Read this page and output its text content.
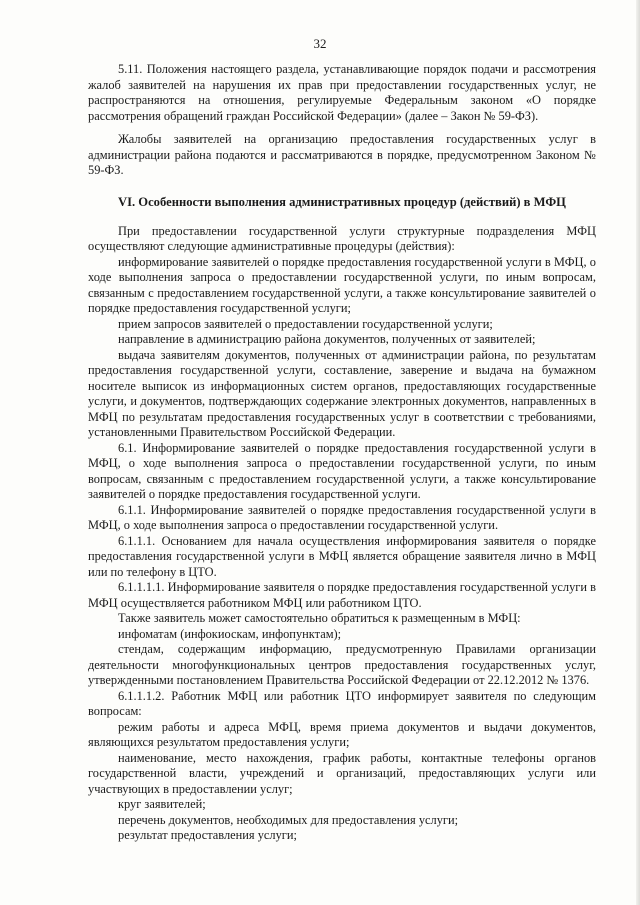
32

5.11. Положения настоящего раздела, устанавливающие порядок подачи и рассмотрения жалоб заявителей на нарушения их прав при предоставлении государственных услуг, не распространяются на отношения, регулируемые Федеральным законом «О порядке рассмотрения обращений граждан Российской Федерации» (далее – Закон № 59-ФЗ).

Жалобы заявителей на организацию предоставления государственных услуг в администрации района подаются и рассматриваются в порядке, предусмотренном Законом № 59-ФЗ.

VI. Особенности выполнения административных процедур (действий) в МФЦ

При предоставлении государственной услуги структурные подразделения МФЦ осуществляют следующие административные процедуры (действия):

информирование заявителей о порядке предоставления государственной услуги в МФЦ, о ходе выполнения запроса о предоставлении государственной услуги, по иным вопросам, связанным с предоставлением государственной услуги, а также консультирование заявителей о порядке предоставления государственной услуги;

прием запросов заявителей о предоставлении государственной услуги;

направление в администрацию района документов, полученных от заявителей;

выдача заявителям документов, полученных от администрации района, по результатам предоставления государственной услуги, составление, заверение и выдача на бумажном носителе выписок из информационных систем органов, предоставляющих государственные услуги, и документов, подтверждающих содержание электронных документов, направленных в МФЦ по результатам предоставления государственных услуг в соответствии с требованиями, установленными Правительством Российской Федерации.

6.1. Информирование заявителей о порядке предоставления государственной услуги в МФЦ, о ходе выполнения запроса о предоставлении государственной услуги, по иным вопросам, связанным с предоставлением государственной услуги, а также консультирование заявителей о порядке предоставления государственной услуги.

6.1.1. Информирование заявителей о порядке предоставления государственной услуги в МФЦ, о ходе выполнения запроса о предоставлении государственной услуги.

6.1.1.1. Основанием для начала осуществления информирования заявителя о порядке предоставления государственной услуги в МФЦ является обращение заявителя лично в МФЦ или по телефону в ЦТО.

6.1.1.1.1. Информирование заявителя о порядке предоставления государственной услуги в МФЦ осуществляется работником МФЦ или работником ЦТО.

Также заявитель может самостоятельно обратиться к размещенным в МФЦ:

инфоматам (инфокиоскам, инфопунктам);

стендам, содержащим информацию, предусмотренную Правилами организации деятельности многофункциональных центров предоставления государственных услуг, утвержденными постановлением Правительства Российской Федерации от 22.12.2012 № 1376.

6.1.1.1.2. Работник МФЦ или работник ЦТО информирует заявителя по следующим вопросам:

режим работы и адреса МФЦ, время приема документов и выдачи документов, являющихся результатом предоставления услуги;

наименование, место нахождения, график работы, контактные телефоны органов государственной власти, учреждений и организаций, предоставляющих услуги или участвующих в предоставлении услуг;

круг заявителей;

перечень документов, необходимых для предоставления услуги;

результат предоставления услуги;
